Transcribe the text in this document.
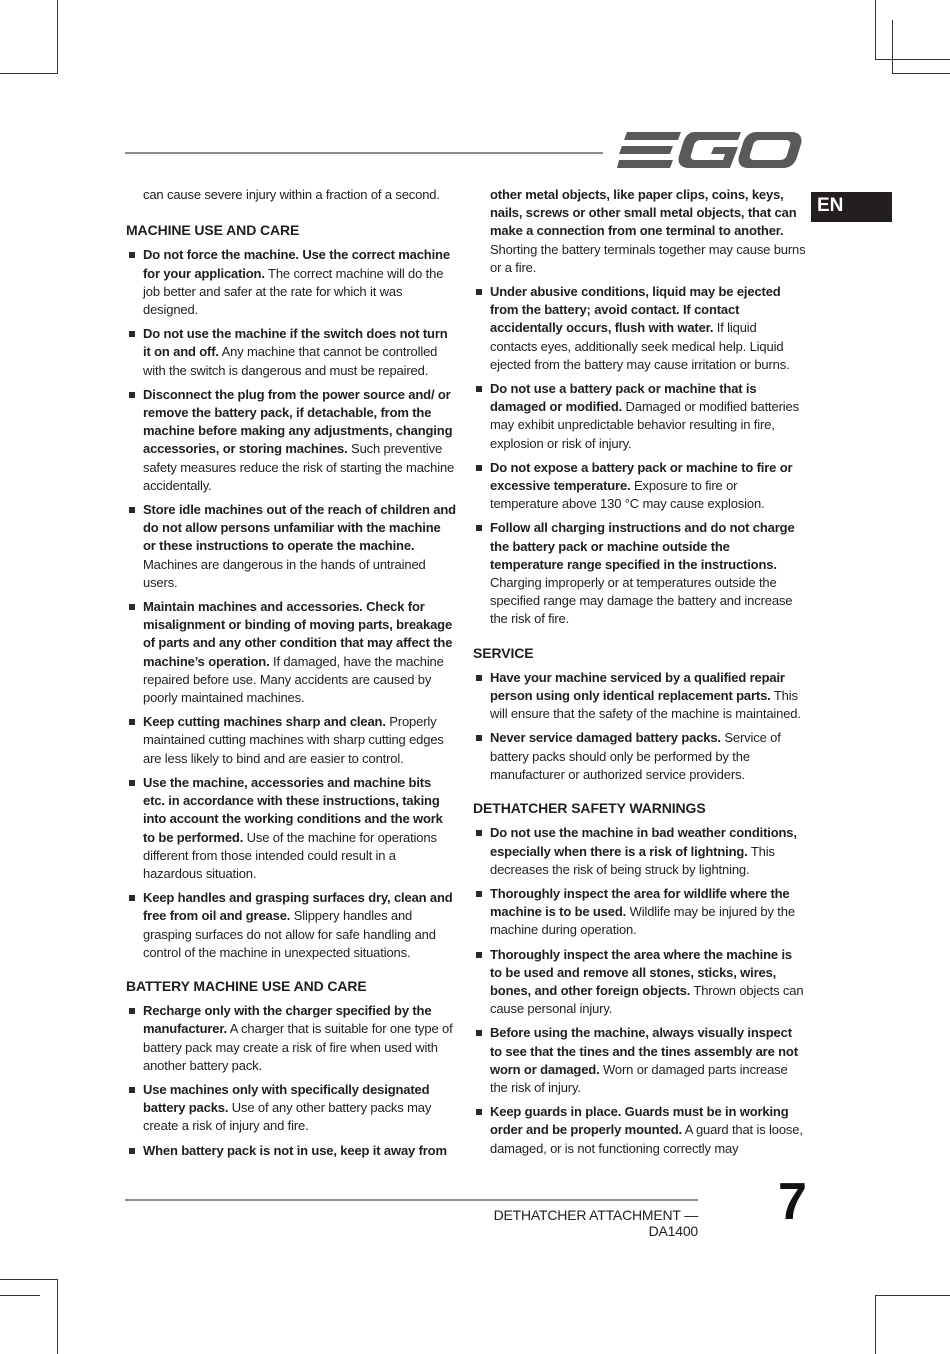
EN

can cause severe injury within a fraction of a second.

MACHINE USE AND CARE
Do not force the machine. Use the correct machine for your application. The correct machine will do the job better and safer at the rate for which it was designed.
Do not use the machine if the switch does not turn it on and off. Any machine that cannot be controlled with the switch is dangerous and must be repaired.
Disconnect the plug from the power source and/ or remove the battery pack, if detachable, from the machine before making any adjustments, changing accessories, or storing machines. Such preventive safety measures reduce the risk of starting the machine accidentally.
Store idle machines out of the reach of children and do not allow persons unfamiliar with the machine or these instructions to operate the machine. Machines are dangerous in the hands of untrained users.
Maintain machines and accessories. Check for misalignment or binding of moving parts, breakage of parts and any other condition that may affect the machine’s operation. If damaged, have the machine repaired before use. Many accidents are caused by poorly maintained machines.
Keep cutting machines sharp and clean. Properly maintained cutting machines with sharp cutting edges are less likely to bind and are easier to control.
Use the machine, accessories and machine bits etc. in accordance with these instructions, taking into account the working conditions and the work to be performed. Use of the machine for operations different from those intended could result in a hazardous situation.
Keep handles and grasping surfaces dry, clean and free from oil and grease. Slippery handles and grasping surfaces do not allow for safe handling and control of the machine in unexpected situations.
BATTERY MACHINE USE AND CARE
Recharge only with the charger specified by the manufacturer. A charger that is suitable for one type of battery pack may create a risk of fire when used with another battery pack.
Use machines only with specifically designated battery packs. Use of any other battery packs may create a risk of injury and fire.
When battery pack is not in use, keep it away from
other metal objects, like paper clips, coins, keys, nails, screws or other small metal objects, that can make a connection from one terminal to another. Shorting the battery terminals together may cause burns or a fire.
Under abusive conditions, liquid may be ejected from the battery; avoid contact. If contact accidentally occurs, flush with water. If liquid contacts eyes, additionally seek medical help. Liquid ejected from the battery may cause irritation or burns.
Do not use a battery pack or machine that is damaged or modified. Damaged or modified batteries may exhibit unpredictable behavior resulting in fire, explosion or risk of injury.
Do not expose a battery pack or machine to fire or excessive temperature. Exposure to fire or temperature above 130 °C may cause explosion.
Follow all charging instructions and do not charge the battery pack or machine outside the temperature range specified in the instructions. Charging improperly or at temperatures outside the specified range may damage the battery and increase the risk of fire.
SERVICE
Have your machine serviced by a qualified repair person using only identical replacement parts. This will ensure that the safety of the machine is maintained.
Never service damaged battery packs. Service of battery packs should only be performed by the manufacturer or authorized service providers.
DETHATCHER SAFETY WARNINGS
Do not use the machine in bad weather conditions, especially when there is a risk of lightning. This decreases the risk of being struck by lightning.
Thoroughly inspect the area for wildlife where the machine is to be used. Wildlife may be injured by the machine during operation.
Thoroughly inspect the area where the machine is to be used and remove all stones, sticks, wires, bones, and other foreign objects. Thrown objects can cause personal injury.
Before using the machine, always visually inspect to see that the tines and the tines assembly are not worn or damaged. Worn or damaged parts increase the risk of injury.
Keep guards in place. Guards must be in working order and be properly mounted. A guard that is loose, damaged, or is not functioning correctly may
DETHATCHER ATTACHMENT — DA1400 7
